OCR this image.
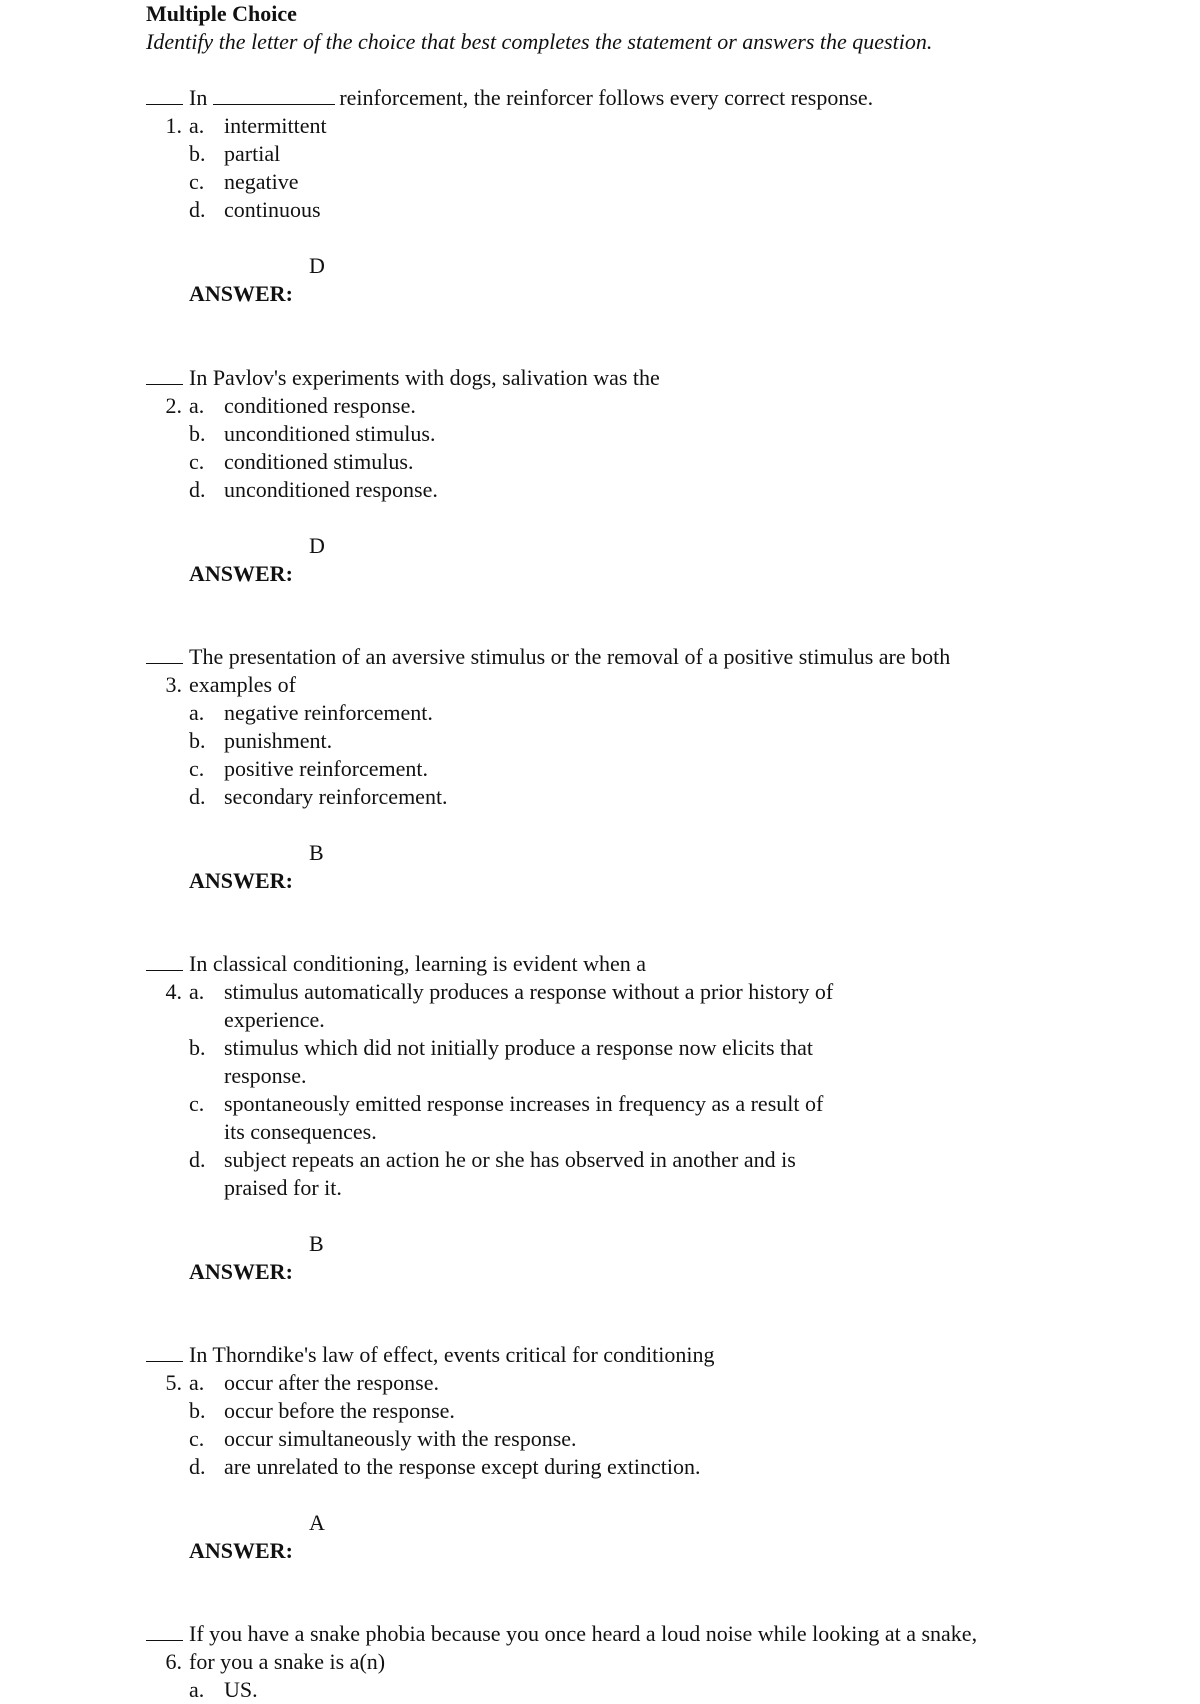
Multiple Choice
Identify the letter of the choice that best completes the statement or answers the question.
In	reinforcement, the reinforcer follows every correct response.
1. a. intermittent
b. partial
c. negative
d. continuous
D
ANSWER:
In Pavlov's experiments with dogs, salivation was the
2. a. conditioned response.
b. unconditioned stimulus.
c. conditioned stimulus.
d. unconditioned response.
D
ANSWER:
The presentation of an aversive stimulus or the removal of a positive stimulus are both
3. examples of
a. negative reinforcement.
b. punishment.
c. positive reinforcement.
d. secondary reinforcement.
B
ANSWER:
In classical conditioning, learning is evident when a
4. a. stimulus automatically produces a response without a prior history of
experience.
b. stimulus which did not initially produce a response now elicits that
response.
c. spontaneously emitted response increases in frequency as a result of
its consequences.
d. subject repeats an action he or she has observed in another and is
praised for it.
B
ANSWER:
In Thorndike's law of effect, events critical for conditioning
5. a. occur after the response.
b. occur before the response.
c. occur simultaneously with the response.
d. are unrelated to the response except during extinction.
A
ANSWER:
If you have a snake phobia because you once heard a loud noise while looking at a snake,
6. for you a snake is a(n)
a. US.
